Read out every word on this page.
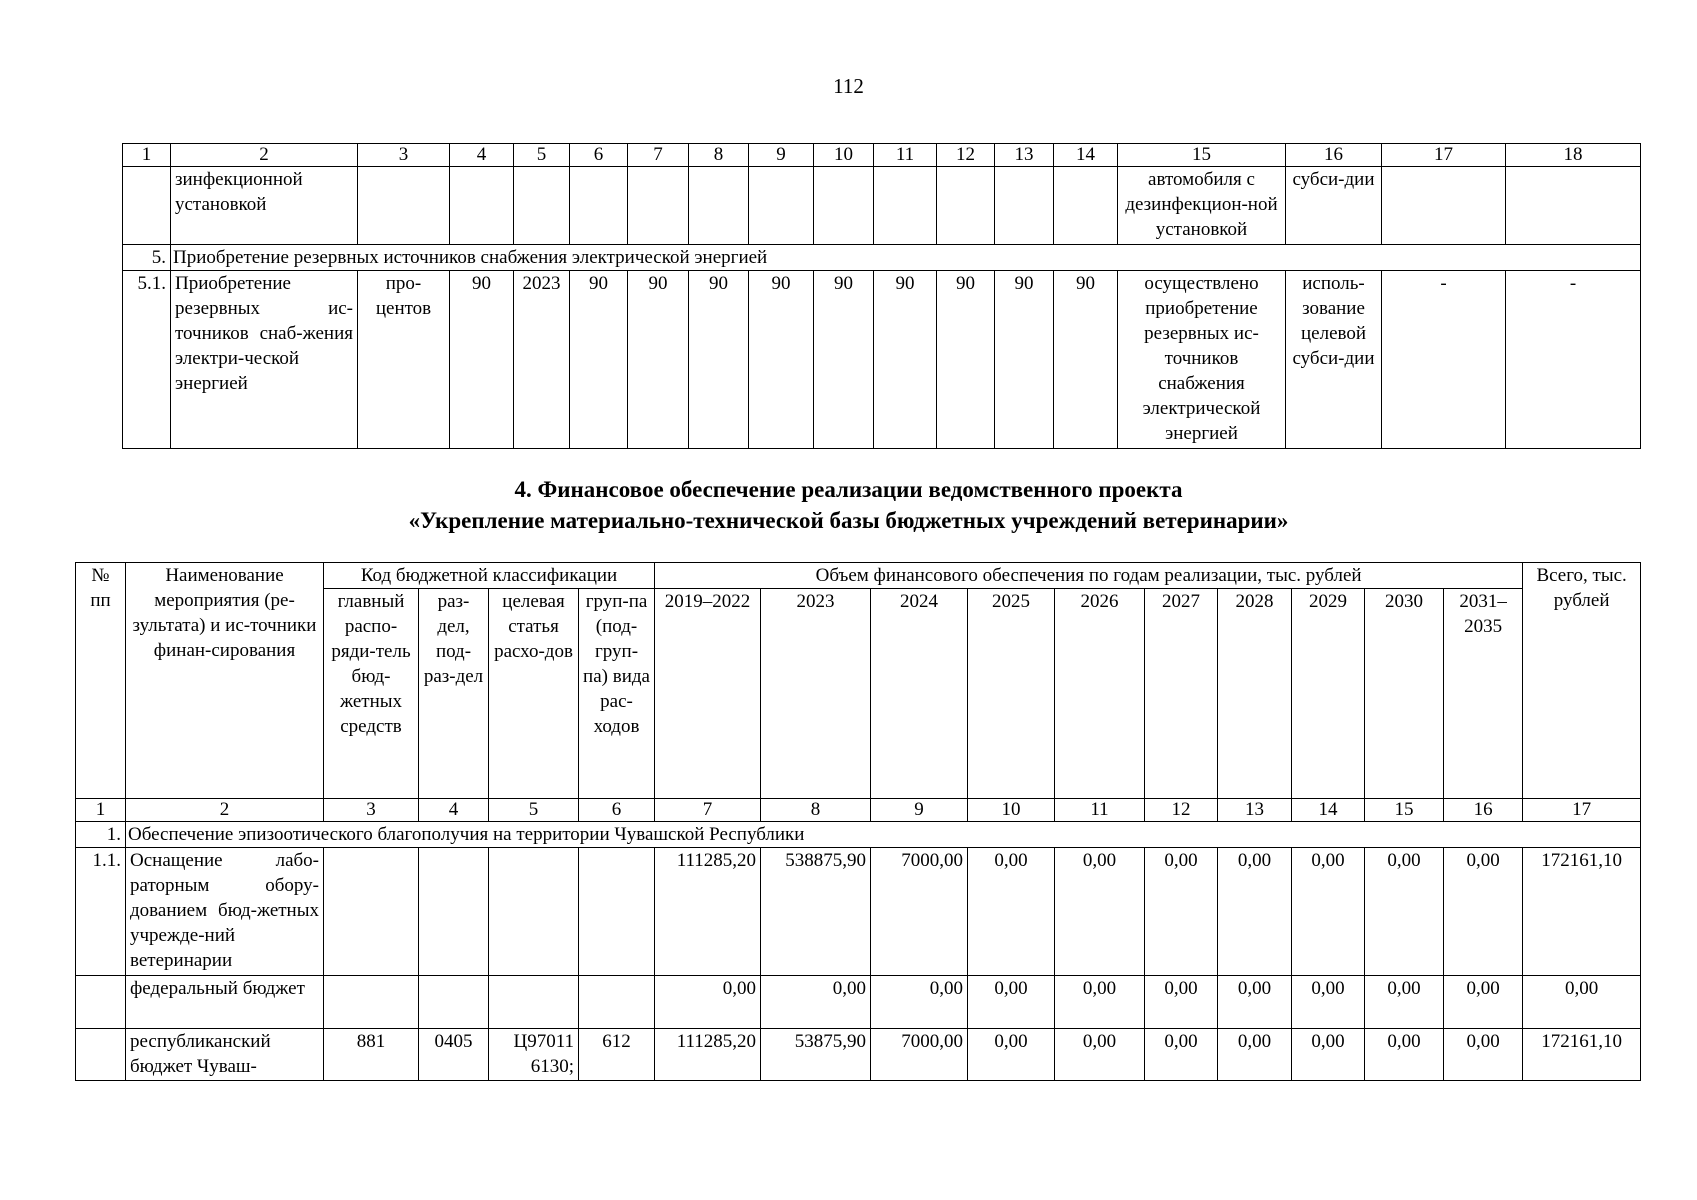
112
1	2	3	4	5	6	7	8	9	10	11	12	13	14	15	16	17	18
	зинфекционной установкой													автомобиля с дезинфекцион-ной установкой	субси-дии		
5.	Приобретение резервных источников снабжения электрической энергией																
5.1.	Приобретение резервных ис-точников снаб-жения электри-ческой энергией	про-центов	90	2023	90	90	90	90	90	90	90	90	90	осуществлено приобретение резервных ис-точников снабжения электрической энергией	исполь-зование целевой субси-дии	-	-
4. Финансовое обеспечение реализации ведомственного проекта
«Укрепление материально-технической базы бюджетных учреждений ветеринарии»
№ пп	Наименование мероприятия (ре-зультата) и ис-точники финан-сирования	Код бюджетной классификации				Объем финансового обеспечения по годам реализации, тыс. рублей										Всего, тыс. рублей
		главный распо-ряди-тель бюд-жетных средств	раз-дел, под-раз-дел	целевая статья расхо-дов	груп-па (под-груп-па) вида рас-ходов	2019–2022	2023	2024	2025	2026	2027	2028	2029	2030	2031–2035	
1	2	3	4	5	6	7	8	9	10	11	12	13	14	15	16	17
1.	Обеспечение эпизоотического благополучия на территории Чувашской Республики															
1.1.	Оснащение лабо-раторным обору-дованием бюд-жетных учрежде-ний ветеринарии					111285,20	538875,90	7000,00	0,00	0,00	0,00	0,00	0,00	0,00	0,00	172161,10
	федеральный бюджет					0,00	0,00	0,00	0,00	0,00	0,00	0,00	0,00	0,00	0,00	0,00
	республиканский бюджет Чуваш-	881	0405	Ц97011 6130;	612	111285,20	53875,90	7000,00	0,00	0,00	0,00	0,00	0,00	0,00	0,00	172161,10
